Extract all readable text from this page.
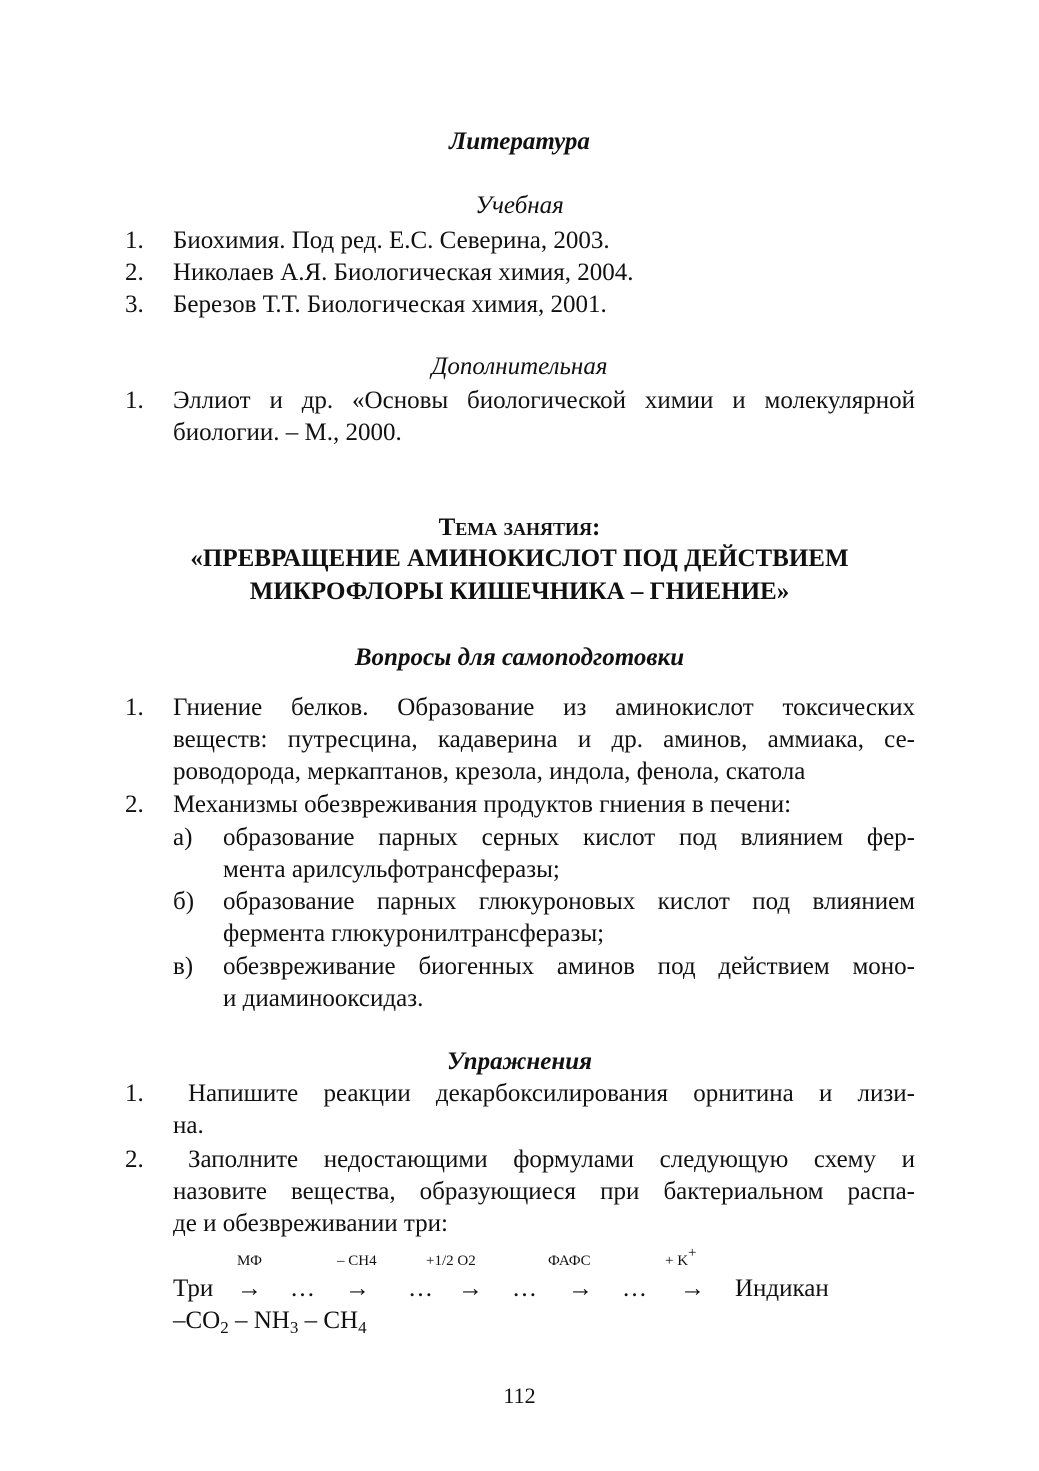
Литература
Учебная
1. Биохимия. Под ред. Е.С. Северина, 2003.
2. Николаев А.Я. Биологическая химия, 2004.
3. Березов Т.Т. Биологическая химия, 2001.
Дополнительная
1. Эллиот и др. «Основы биологической химии и молекулярной
биологии. – М., 2000.
Тема занятия:
«ПРЕВРАЩЕНИЕ АМИНОКИСЛОТ ПОД ДЕЙСТВИЕМ
МИКРОФЛОРЫ КИШЕЧНИКА – ГНИЕНИЕ»
Вопросы для самоподготовки
1. Гниение белков. Образование из аминокислот токсических
веществ: путресцина, кадаверина и др. аминов, аммиака, се-
роводорода, меркаптанов, крезола, индола, фенола, скатола
2. Механизмы обезвреживания продуктов гниения в печени:
а) образование парных серных кислот под влиянием фер-
мента арилсульфотрансферазы;
б) образование парных глюкуроновых кислот под влиянием
фермента глюкуронилтрансферазы;
в) обезвреживание биогенных аминов под действием моно-
и диаминооксидаз.
Упражнения
1. Напишите реакции декарбоксилирования орнитина и лизи-
на.
2. Заполните недостающими формулами следующую схему и
назовите вещества, образующиеся при бактериальном распа-
де и обезвреживании три:
МФ	– CH4	+1/2 O2	ФАФС	+ K+
Три → … → … → … → … → Индикан
$-CO_2 - NH_3 - CH_4$
112
